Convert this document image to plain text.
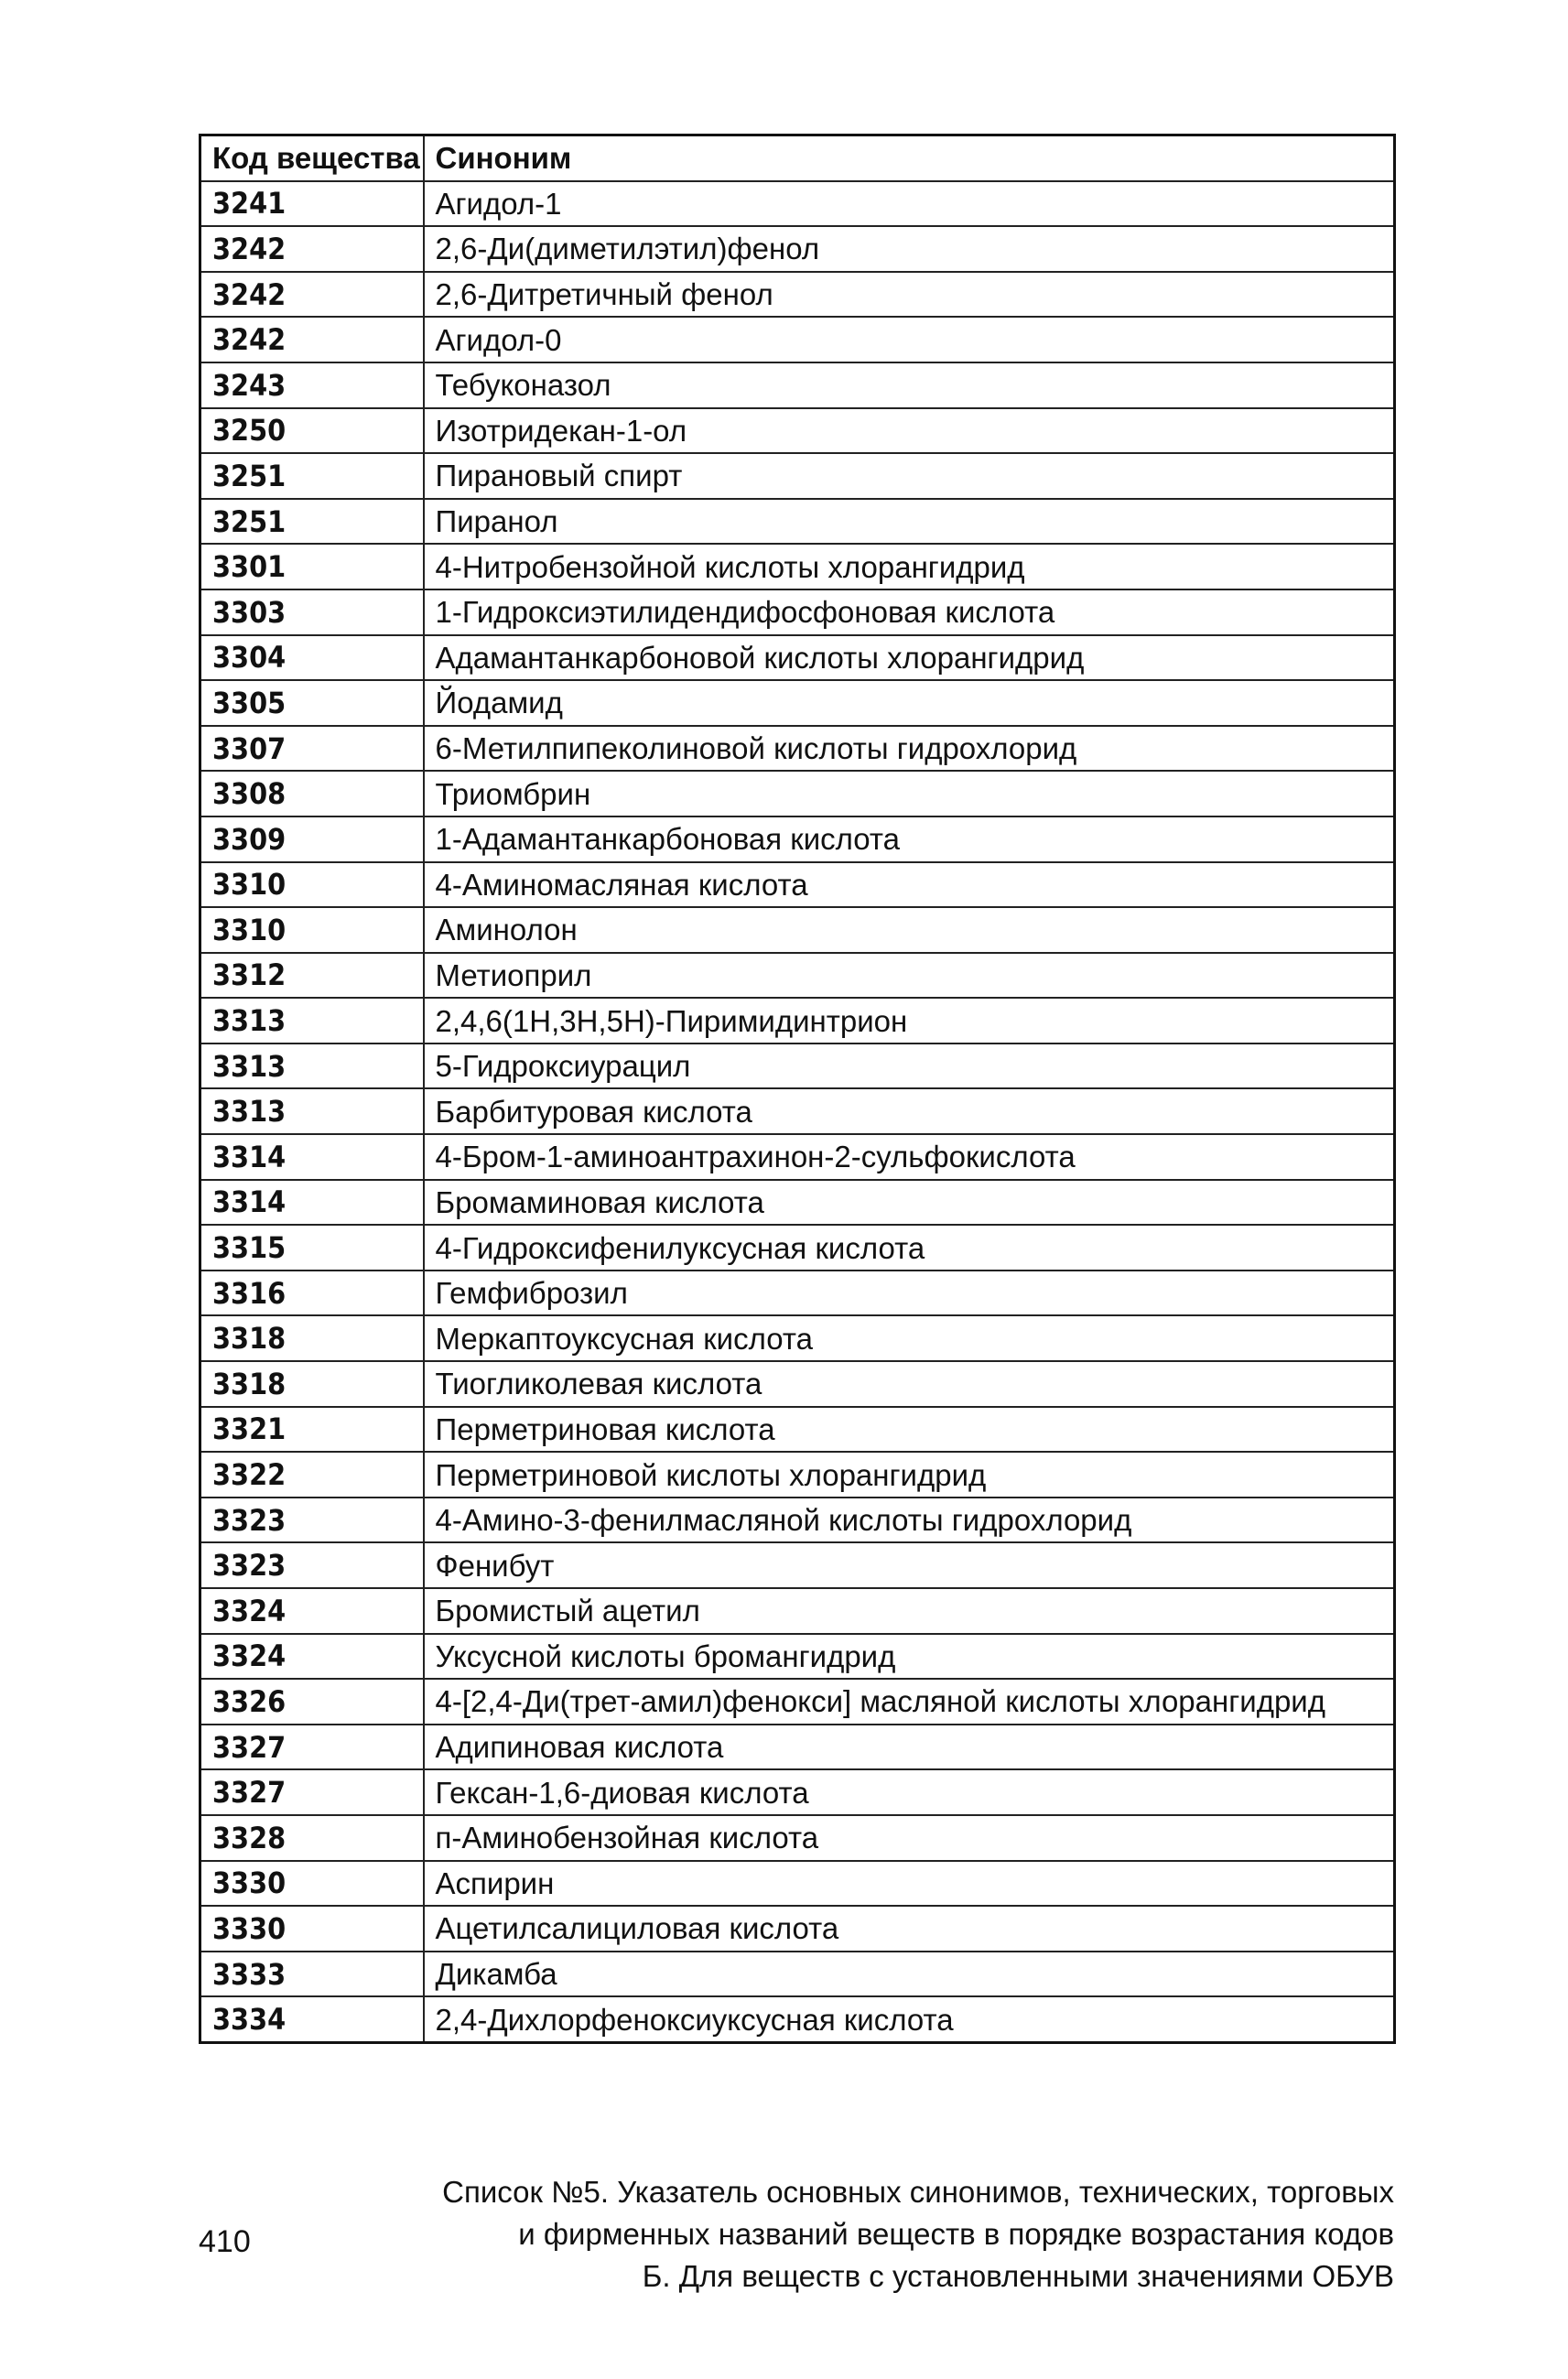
Код вещества	Синоним
3241	Агидол-1
3242	2,6-Ди(диметилэтил)фенол
3242	2,6-Дитретичный фенол
3242	Агидол-0
3243	Тебуконазол
3250	Изотридекан-1-ол
3251	Пирановый спирт
3251	Пиранол
3301	4-Нитробензойной кислоты хлорангидрид
3303	1-Гидроксиэтилидендифосфоновая кислота
3304	Адамантанкарбоновой кислоты хлорангидрид
3305	Йодамид
3307	6-Метилпипеколиновой кислоты гидрохлорид
3308	Триомбрин
3309	1-Адамантанкарбоновая кислота
3310	4-Аминомасляная кислота
3310	Аминолон
3312	Метиоприл
3313	2,4,6(1H,3H,5H)-Пиримидинтрион
3313	5-Гидроксиурацил
3313	Барбитуровая кислота
3314	4-Бром-1-аминоантрахинон-2-сульфокислота
3314	Бромаминовая кислота
3315	4-Гидроксифенилуксусная кислота
3316	Гемфиброзил
3318	Меркаптоуксусная кислота
3318	Тиогликолевая кислота
3321	Перметриновая кислота
3322	Перметриновой кислоты хлорангидрид
3323	4-Амино-3-фенилмасляной кислоты гидрохлорид
3323	Фенибут
3324	Бромистый ацетил
3324	Уксусной кислоты бромангидрид
3326	4-[2,4-Ди(трет-амил)фенокси] масляной кислоты хлорангидрид
3327	Адипиновая кислота
3327	Гексан-1,6-диовая кислота
3328	п-Аминобензойная кислота
3330	Аспирин
3330	Ацетилсалициловая кислота
3333	Дикамба
3334	2,4-Дихлорфеноксиуксусная кислота
410
Список №5. Указатель основных синонимов, технических, торговых
и фирменных названий веществ в порядке возрастания кодов
Б. Для веществ с установленными значениями ОБУВ
